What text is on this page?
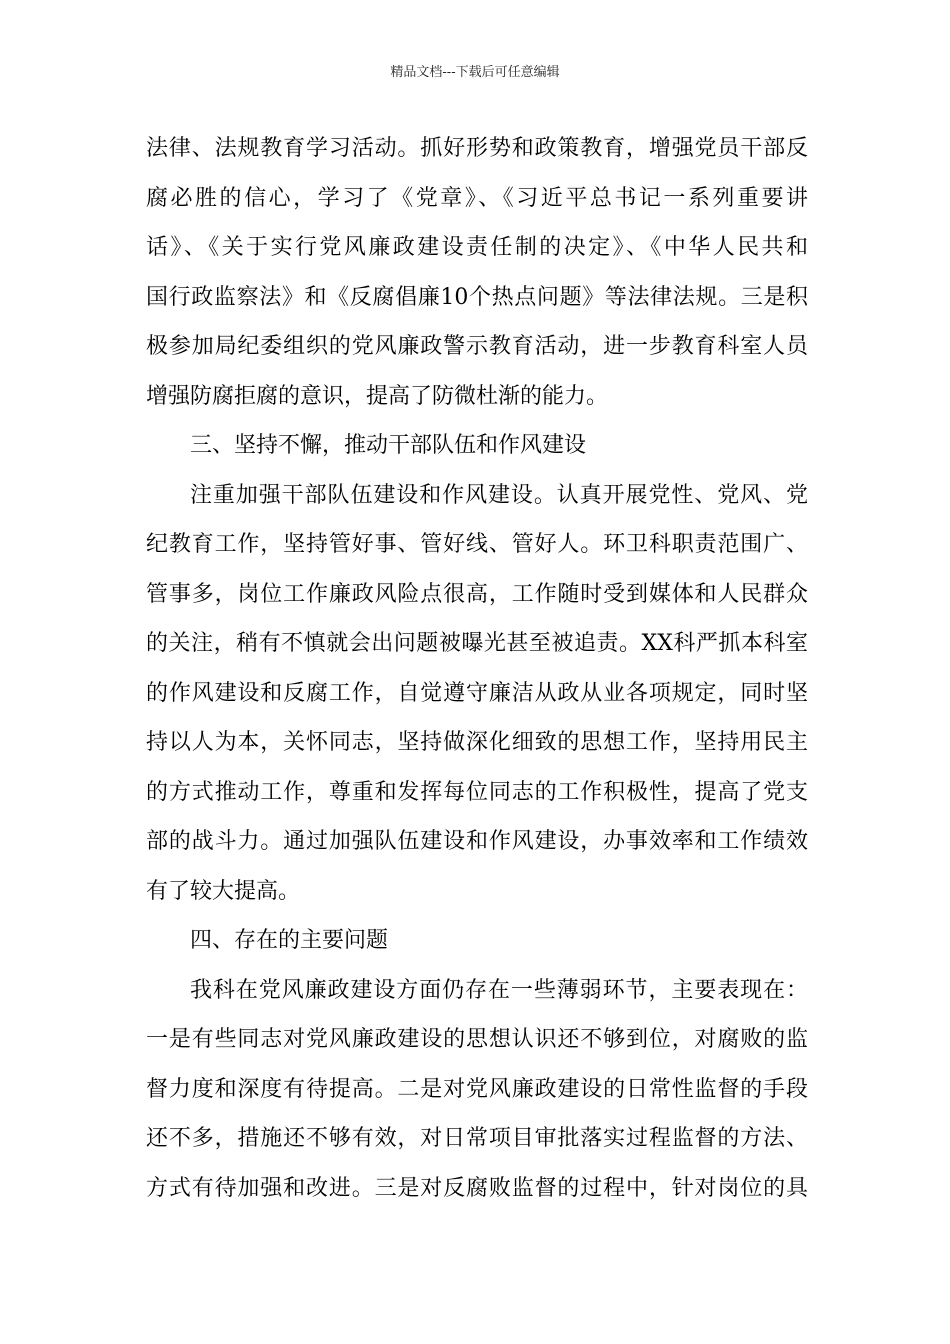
精品文档---下载后可任意编辑
法律、法规教育学习活动。抓好形势和政策教育，增强党员干部反
腐必胜的信心，学习了《党章》、《习近平总书记一系列重要讲
话》、《关于实行党风廉政建设责任制的决定》、《中华人民共和
国行政监察法》和《反腐倡廉10个热点问题》等法律法规。三是积
极参加局纪委组织的党风廉政警示教育活动，进一步教育科室人员
增强防腐拒腐的意识，提高了防微杜渐的能力。
三、坚持不懈，推动干部队伍和作风建设
注重加强干部队伍建设和作风建设。认真开展党性、党风、党
纪教育工作，坚持管好事、管好线、管好人。环卫科职责范围广、
管事多，岗位工作廉政风险点很高，工作随时受到媒体和人民群众
的关注，稍有不慎就会出问题被曝光甚至被追责。XX科严抓本科室
的作风建设和反腐工作，自觉遵守廉洁从政从业各项规定，同时坚
持以人为本，关怀同志，坚持做深化细致的思想工作，坚持用民主
的方式推动工作，尊重和发挥每位同志的工作积极性，提高了党支
部的战斗力。通过加强队伍建设和作风建设，办事效率和工作绩效
有了较大提高。
四、存在的主要问题
我科在党风廉政建设方面仍存在一些薄弱环节，主要表现在：
一是有些同志对党风廉政建设的思想认识还不够到位，对腐败的监
督力度和深度有待提高。二是对党风廉政建设的日常性监督的手段
还不多，措施还不够有效，对日常项目审批落实过程监督的方法、
方式有待加强和改进。三是对反腐败监督的过程中，针对岗位的具
